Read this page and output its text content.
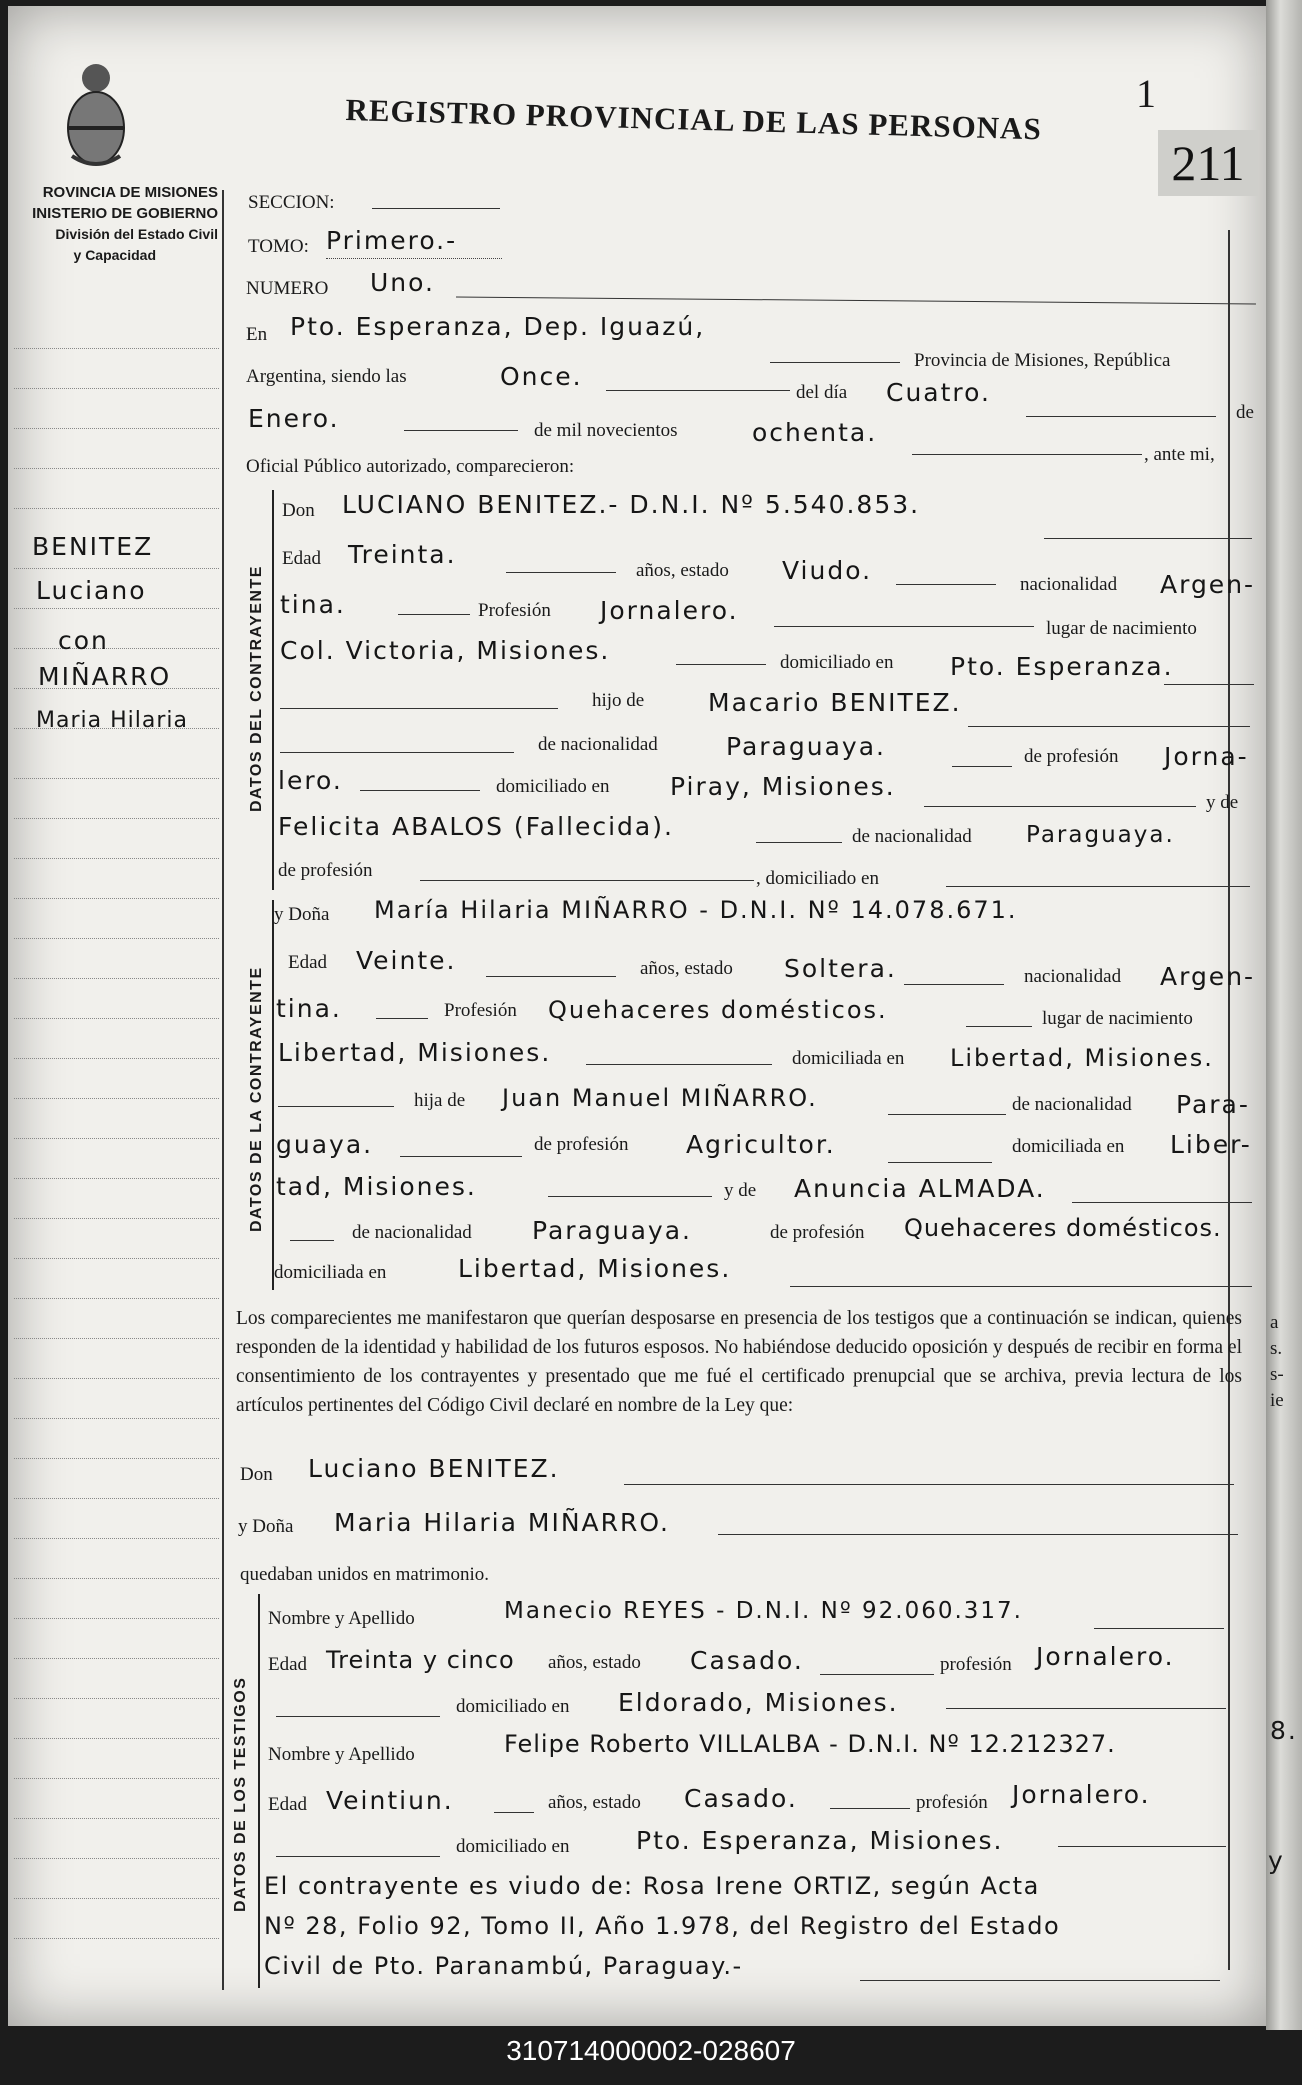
ROVINCIA DE MISIONES
INISTERIO DE GOBIERNO
División del Estado Civil
y Capacidad
REGISTRO PROVINCIAL DE LAS PERSONAS 1
211
BENITEZ
Luciano
con
MIÑARRO
Maria Hilaria
SECCION:
TOMO: Primero.-
NUMERO Uno.
En Pto. Esperanza, Dep. Iguazú,
Provincia de Misiones, República
Argentina, siendo las	Once.
del día Cuatro.
de
Enero.	de mil novecientos	ochenta.
, ante mi,
Oficial Público autorizado, comparecieron:
DATOS DEL CONTRAYENTE
Don LUCIANO BENITEZ.- D.N.I. Nº 5.540.853.
Edad Treinta.
años, estado Viudo.	nacionalidad Argen-
tina.	Profesión Jornalero.
lugar de nacimiento
Col. Victoria, Misiones.	domiciliado en Pto. Esperanza.
hijo de	Macario BENITEZ.
de nacionalidad	Paraguaya.	de profesión Jorna-
lero.	domiciliado en Piray, Misiones.
y de
Felicita ABALOS (Fallecida).	de nacionalidad Paraguaya.
de profesión	, domiciliado en
DATOS DE LA CONTRAYENTE
y Doña María Hilaria MIÑARRO - D.N.I. Nº 14.078.671.
Edad Veinte.	años, estado Soltera.	nacionalidad Argen-
tina.	Profesión Quehaceres domésticos.	lugar de nacimiento
Libertad, Misiones.	domiciliada en Libertad, Misiones.
hija de Juan Manuel MIÑARRO.	de nacionalidad Para-
guaya.	de profesión Agricultor.	domiciliada en Liber-
tad, Misiones.	y de Anuncia ALMADA.
de nacionalidad Paraguaya.	de profesión Quehaceres domésticos.
domiciliada en	Libertad, Misiones.
Los comparecientes me manifestaron que querían desposarse en presencia de los testigos que a continuación se indican, quienes responden de la identidad y habilidad de los futuros esposos. No habiéndose deducido oposición y después de recibir en forma el consentimiento de los contrayentes y presentado que me fué el certificado prenupcial que se archiva, previa lectura de los artículos pertinentes del Código Civil declaré en nombre de la Ley que:
Don Luciano BENITEZ.
y Doña Maria Hilaria MIÑARRO.
quedaban unidos en matrimonio.
DATOS DE LOS TESTIGOS
Nombre y Apellido	Manecio REYES - D.N.I. Nº 92.060.317.
Edad Treinta y cinco años, estado Casado.	profesión Jornalero.
domiciliado en Eldorado, Misiones.
Nombre y Apellido	Felipe Roberto VILLALBA - D.N.I. Nº 12.212327.
Edad Veintiun.	años, estado Casado.	profesión Jornalero.
domiciliado en	Pto. Esperanza, Misiones.
El contrayente es viudo de: Rosa Irene ORTIZ, según Acta
Nº 28, Folio 92, Tomo II, Año 1.978, del Registro del Estado
Civil de Pto. Paranambú, Paraguay.-
a
s.
s-
ie
8.
y
310714000002-028607
